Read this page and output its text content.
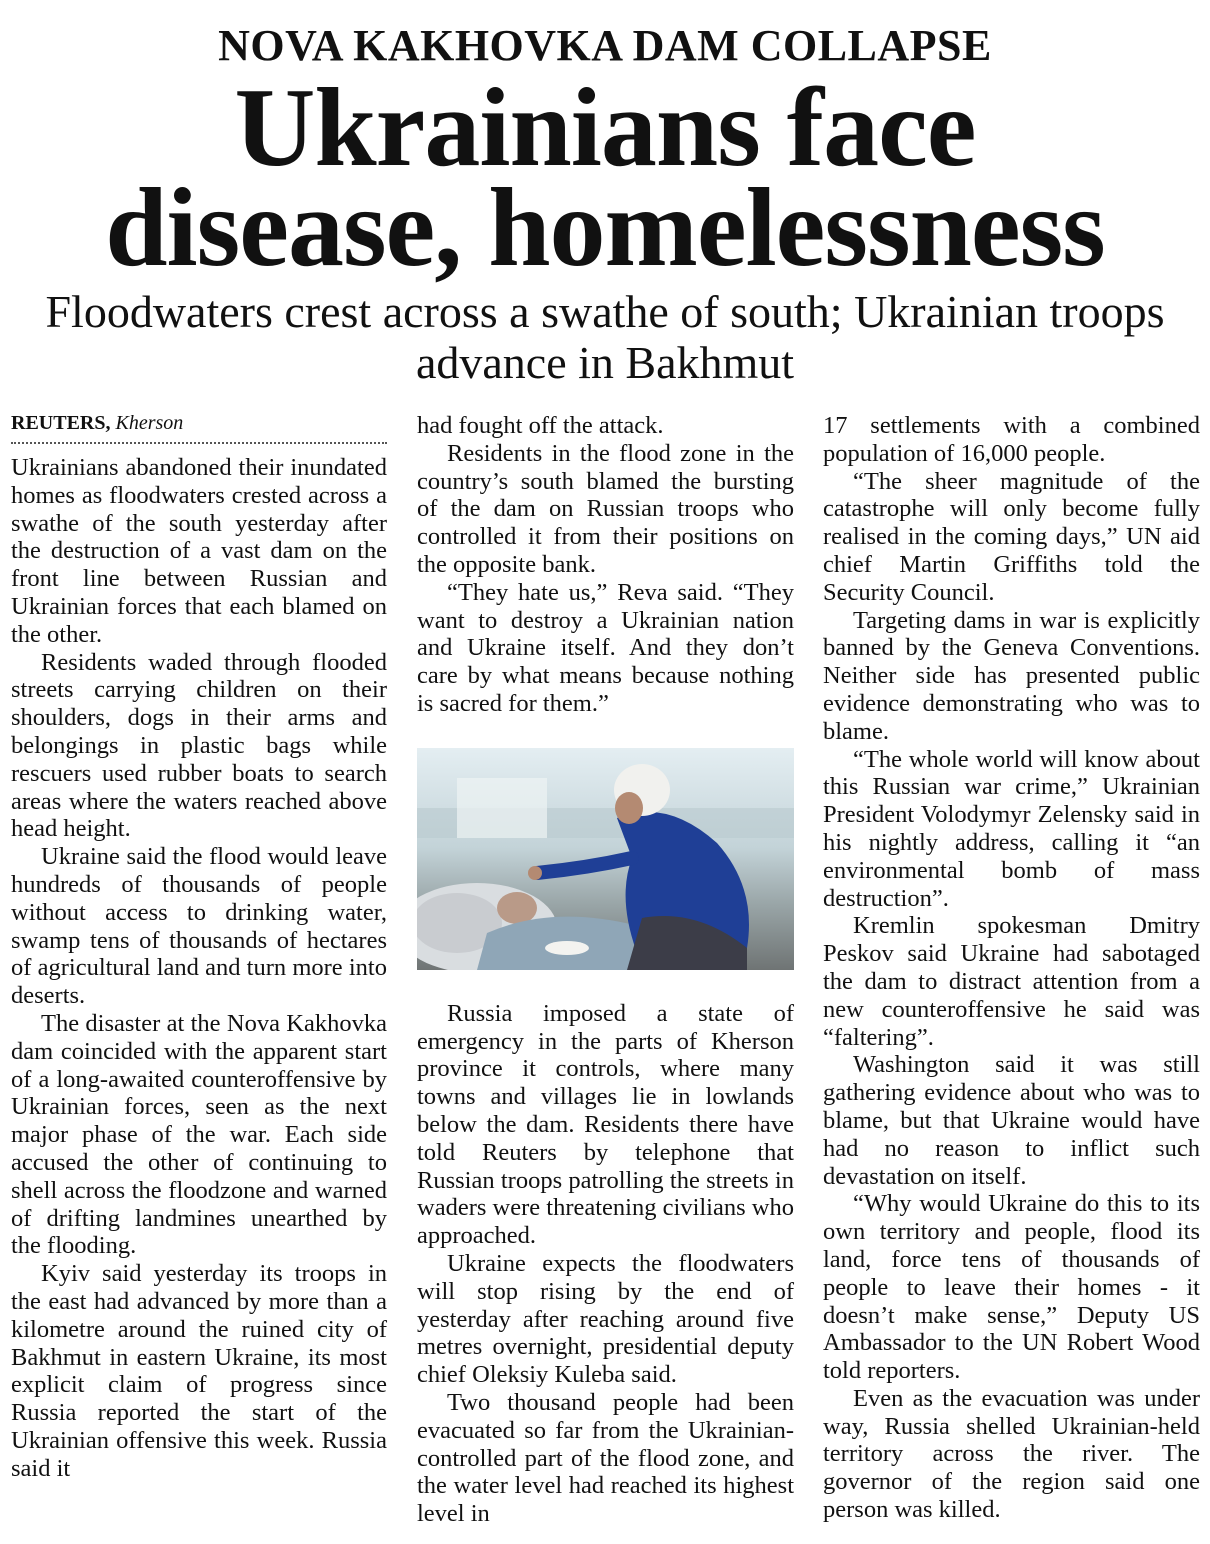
NOVA KAKHOVKA DAM COLLAPSE
Ukrainians face
disease, homelessness
Floodwaters crest across a swathe of south; Ukrainian troops advance in Bakhmut
REUTERS, Kherson

Ukrainians abandoned their inundated homes as floodwaters crested across a swathe of the south yesterday after the destruction of a vast dam on the front line between Russian and Ukrainian forces that each blamed on the other.

Residents waded through flooded streets carrying children on their shoulders, dogs in their arms and belongings in plastic bags while rescuers used rubber boats to search areas where the waters reached above head height.

Ukraine said the flood would leave hundreds of thousands of people without access to drinking water, swamp tens of thousands of hectares of agricultural land and turn more into deserts.

The disaster at the Nova Kakhovka dam coincided with the apparent start of a long-awaited counteroffensive by Ukrainian forces, seen as the next major phase of the war. Each side accused the other of continuing to shell across the floodzone and warned of drifting landmines unearthed by the flooding.

Kyiv said yesterday its troops in the east had advanced by more than a kilometre around the ruined city of Bakhmut in eastern Ukraine, its most explicit claim of progress since Russia reported the start of the Ukrainian offensive this week. Russia said it

had fought off the attack.

Residents in the flood zone in the country’s south blamed the bursting of the dam on Russian troops who controlled it from their positions on the opposite bank.

“They hate us,” Reva said. “They want to destroy a Ukrainian nation and Ukraine itself. And they don’t care by what means because nothing is sacred for them.”

Russia imposed a state of emergency in the parts of Kherson province it controls, where many towns and villages lie in lowlands below the dam. Residents there have told Reuters by telephone that Russian troops patrolling the streets in waders were threatening civilians who approached.

Ukraine expects the floodwaters will stop rising by the end of yesterday after reaching around five metres overnight, presidential deputy chief Oleksiy Kuleba said.

Two thousand people had been evacuated so far from the Ukrainian-controlled part of the flood zone, and the water level had reached its highest level in

17 settlements with a combined population of 16,000 people.

“The sheer magnitude of the catastrophe will only become fully realised in the coming days,” UN aid chief Martin Griffiths told the Security Council.

Targeting dams in war is explicitly banned by the Geneva Conventions. Neither side has presented public evidence demonstrating who was to blame.

“The whole world will know about this Russian war crime,” Ukrainian President Volodymyr Zelensky said in his nightly address, calling it “an environmental bomb of mass destruction”.

Kremlin spokesman Dmitry Peskov said Ukraine had sabotaged the dam to distract attention from a new counteroffensive he said was “faltering”.

Washington said it was still gathering evidence about who was to blame, but that Ukraine would have had no reason to inflict such devastation on itself.

“Why would Ukraine do this to its own territory and people, flood its land, force tens of thousands of people to leave their homes - it doesn’t make sense,” Deputy US Ambassador to the UN Robert Wood told reporters.

Even as the evacuation was under way, Russia shelled Ukrainian-held territory across the river. The governor of the region said one person was killed.
